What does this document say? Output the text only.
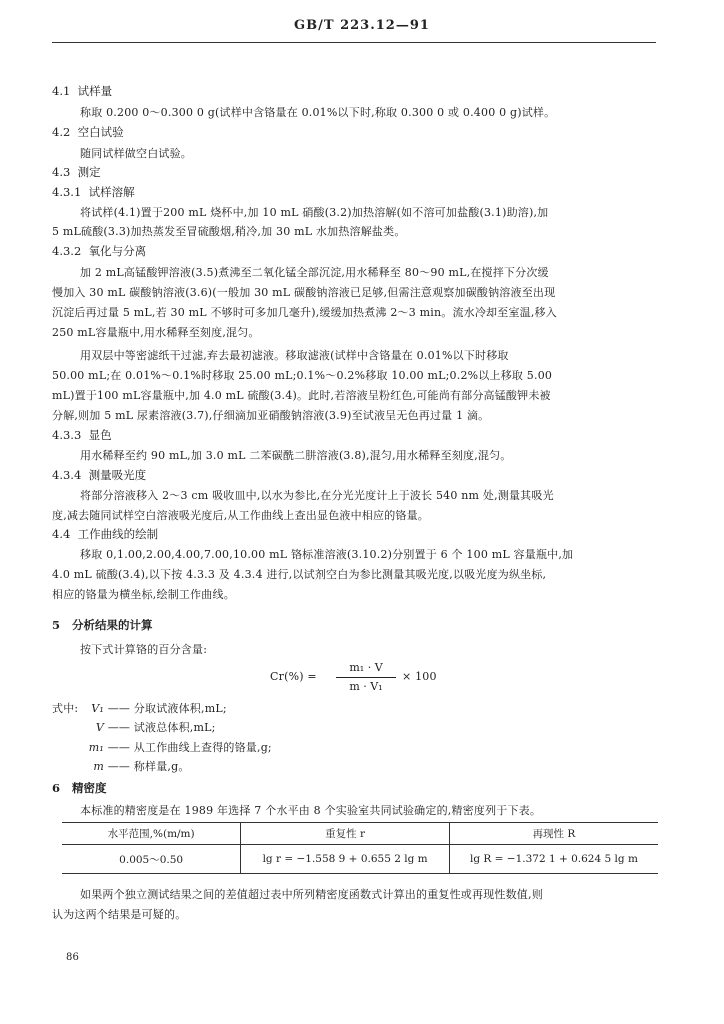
GB/T 223.12—91
4.1 试样量
称取 0.200 0～0.300 0 g(试样中含铬量在 0.01%以下时,称取 0.300 0 或 0.400 0 g)试样。
4.2 空白试验
随同试样做空白试验。
4.3 测定
4.3.1 试样溶解
将试样(4.1)置于200 mL 烧杯中,加 10 mL 硝酸(3.2)加热溶解(如不溶可加盐酸(3.1)助溶),加
5 mL硫酸(3.3)加热蒸发至冒硫酸烟,稍冷,加 30 mL 水加热溶解盐类。
4.3.2 氧化与分离
加 2 mL高锰酸钾溶液(3.5)煮沸至二氧化锰全部沉淀,用水稀释至 80～90 mL,在搅拌下分次缓
慢加入 30 mL 碳酸钠溶液(3.6)(一般加 30 mL 碳酸钠溶液已足够,但需注意观察加碳酸钠溶液至出现
沉淀后再过量 5 mL,若 30 mL 不够时可多加几毫升),缓缓加热煮沸 2～3 min。流水冷却至室温,移入
250 mL容量瓶中,用水稀释至刻度,混匀。
用双层中等密滤纸干过滤,弃去最初滤液。移取滤液(试样中含铬量在 0.01%以下时移取
50.00 mL;在 0.01%～0.1%时移取 25.00 mL;0.1%～0.2%移取 10.00 mL;0.2%以上移取 5.00
mL)置于100 mL容量瓶中,加 4.0 mL 硫酸(3.4)。此时,若溶液呈粉红色,可能尚有部分高锰酸钾未被
分解,则加 5 mL 尿素溶液(3.7),仔细滴加亚硝酸钠溶液(3.9)至试液呈无色再过量 1 滴。
4.3.3 显色
用水稀释至约 90 mL,加 3.0 mL 二苯碳酰二肼溶液(3.8),混匀,用水稀释至刻度,混匀。
4.3.4 测量吸光度
将部分溶液移入 2～3 cm 吸收皿中,以水为参比,在分光光度计上于波长 540 nm 处,测量其吸光
度,减去随同试样空白溶液吸光度后,从工作曲线上查出显色液中相应的铬量。
4.4 工作曲线的绘制
移取 0,1.00,2.00,4.00,7.00,10.00 mL 铬标准溶液(3.10.2)分别置于 6 个 100 mL 容量瓶中,加
4.0 mL 硫酸(3.4),以下按 4.3.3 及 4.3.4 进行,以试剂空白为参比测量其吸光度,以吸光度为纵坐标,
相应的铬量为横坐标,绘制工作曲线。
5 分析结果的计算
按下式计算铬的百分含量:
Cr(%) =
m₁ · V
m · V₁
× 100
式中:	V₁ —— 分取试液体积,mL;
V —— 试液总体积,mL;
m₁ —— 从工作曲线上查得的铬量,g;
m —— 称样量,g。
6 精密度
本标准的精密度是在 1989 年选择 7 个水平由 8 个实验室共同试验确定的,精密度列于下表。
水平范围,%(m/m)	重复性 r	再现性 R
0.005～0.50	lg r = −1.558 9 + 0.655 2 lg m	lg R = −1.372 1 + 0.624 5 lg m
如果两个独立测试结果之间的差值超过表中所列精密度函数式计算出的重复性或再现性数值,则
认为这两个结果是可疑的。
86
